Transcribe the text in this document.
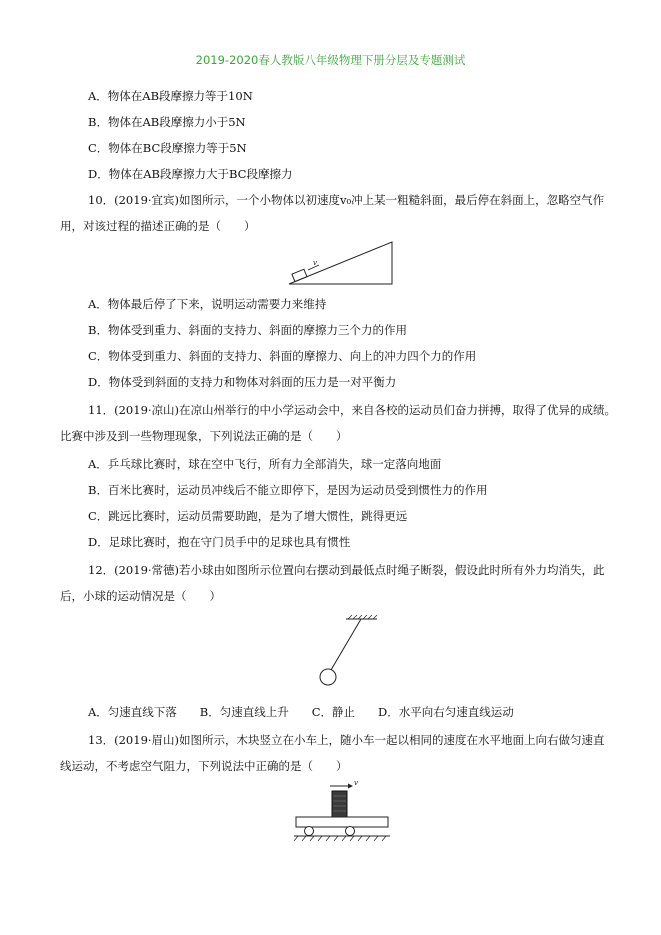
2019-2020春人教版八年级物理下册分层及专题测试
A．物体在AB段摩擦力等于10N
B．物体在AB段摩擦力小于5N
C．物体在BC段摩擦力等于5N
D．物体在AB段摩擦力大于BC段摩擦力
10．(2019·宜宾)如图所示，一个小物体以初速度v₀冲上某一粗糙斜面，最后停在斜面上，忽略空气作
用，对该过程的描述正确的是（　　）
v
A．物体最后停了下来，说明运动需要力来维持
B．物体受到重力、斜面的支持力、斜面的摩擦力三个力的作用
C．物体受到重力、斜面的支持力、斜面的摩擦力、向上的冲力四个力的作用
D．物体受到斜面的支持力和物体对斜面的压力是一对平衡力
11．(2019·凉山)在凉山州举行的中小学运动会中，来自各校的运动员们奋力拼搏，取得了优异的成绩。
比赛中涉及到一些物理现象，下列说法正确的是（　　）
A．乒乓球比赛时，球在空中飞行，所有力全部消失，球一定落向地面
B．百米比赛时，运动员冲线后不能立即停下，是因为运动员受到惯性力的作用
C．跳远比赛时，运动员需要助跑，是为了增大惯性，跳得更远
D．足球比赛时，抱在守门员手中的足球也具有惯性
12．(2019·常德)若小球由如图所示位置向右摆动到最低点时绳子断裂，假设此时所有外力均消失，此
后，小球的运动情况是（　　）
A．匀速直线下落　　B．匀速直线上升　　C．静止　　D．水平向右匀速直线运动
13．(2019·眉山)如图所示，木块竖立在小车上，随小车一起以相同的速度在水平地面上向右做匀速直
线运动，不考虑空气阻力，下列说法中正确的是（　　）
v
